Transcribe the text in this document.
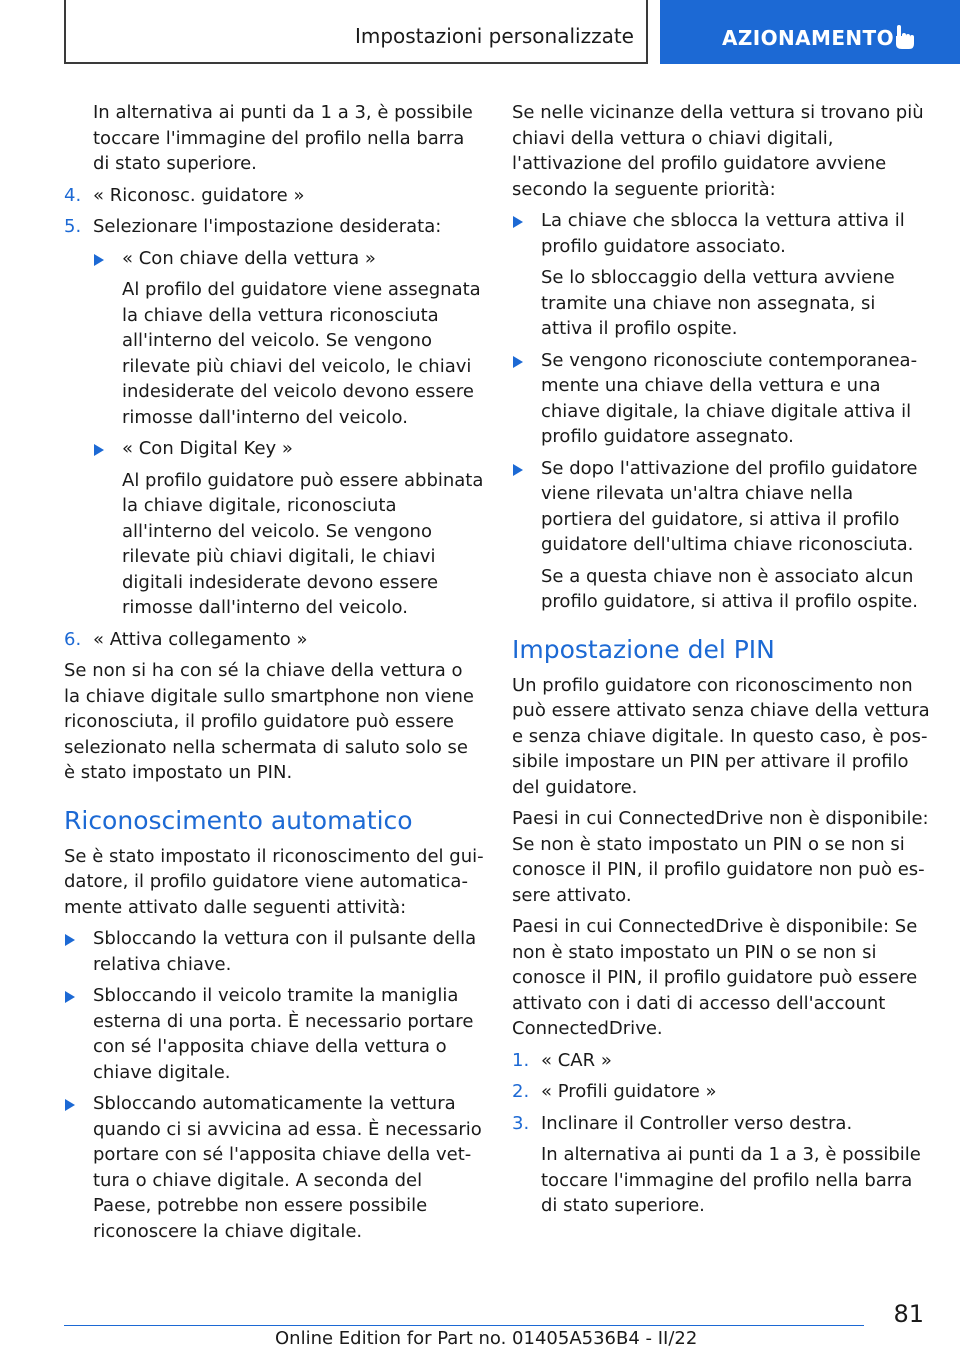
Impostazioni personalizzate	AZIONAMENTO

In alternativa ai punti da 1 a 3, è possibile toccare l'immagine del profilo nella barra di stato superiore.

4. « Riconosc. guidatore »
5. Selezionare l'impostazione desiderata:
« Con chiave della vettura »

Al profilo del guidatore viene assegnata la chiave della vettura riconosciuta all'interno del veicolo. Se vengono rilevate più chiavi del veicolo, le chiavi indesiderate del veicolo devono essere rimosse dall'interno del veicolo.

« Con Digital Key »

Al profilo guidatore può essere abbinata la chiave digitale, riconosciuta all'interno del veicolo. Se vengono rilevate più chiavi digitali, le chiavi digitali indesiderate devono essere rimosse dall'interno del veicolo.

6. « Attiva collegamento »

Se non si ha con sé la chiave della vettura o la chiave digitale sullo smartphone non viene riconosciuta, il profilo guidatore può essere selezionato nella schermata di saluto solo se è stato impostato un PIN.

Riconoscimento automatico

Se è stato impostato il riconoscimento del guidatore, il profilo guidatore viene automaticamente attivato dalle seguenti attività:

Sbloccando la vettura con il pulsante della relativa chiave.
Sbloccando il veicolo tramite la maniglia esterna di una porta. È necessario portare con sé l'apposita chiave della vettura o chiave digitale.
Sbloccando automaticamente la vettura quando ci si avvicina ad essa. È necessario portare con sé l'apposita chiave della vettura o chiave digitale. A seconda del Paese, potrebbe non essere possibile riconoscere la chiave digitale.

Se nelle vicinanze della vettura si trovano più chiavi della vettura o chiavi digitali, l'attivazione del profilo guidatore avviene secondo la seguente priorità:

La chiave che sblocca la vettura attiva il profilo guidatore associato.

Se lo sbloccaggio della vettura avviene tramite una chiave non assegnata, si attiva il profilo ospite.

Se vengono riconosciute contemporaneamente una chiave della vettura e una chiave digitale, la chiave digitale attiva il profilo guidatore assegnato.
Se dopo l'attivazione del profilo guidatore viene rilevata un'altra chiave nella portiera del guidatore, si attiva il profilo guidatore dell'ultima chiave riconosciuta.

Se a questa chiave non è associato alcun profilo guidatore, si attiva il profilo ospite.

Impostazione del PIN

Un profilo guidatore con riconoscimento non può essere attivato senza chiave della vettura e senza chiave digitale. In questo caso, è possibile impostare un PIN per attivare il profilo del guidatore.

Paesi in cui ConnectedDrive non è disponibile: Se non è stato impostato un PIN o se non si conosce il PIN, il profilo guidatore non può essere attivato.

Paesi in cui ConnectedDrive è disponibile: Se non è stato impostato un PIN o se non si conosce il PIN, il profilo guidatore può essere attivato con i dati di accesso dell'account ConnectedDrive.

1. « CAR »
2. « Profili guidatore »
3. Inclinare il Controller verso destra.

In alternativa ai punti da 1 a 3, è possibile toccare l'immagine del profilo nella barra di stato superiore.

81
Online Edition for Part no. 01405A536B4 - II/22
